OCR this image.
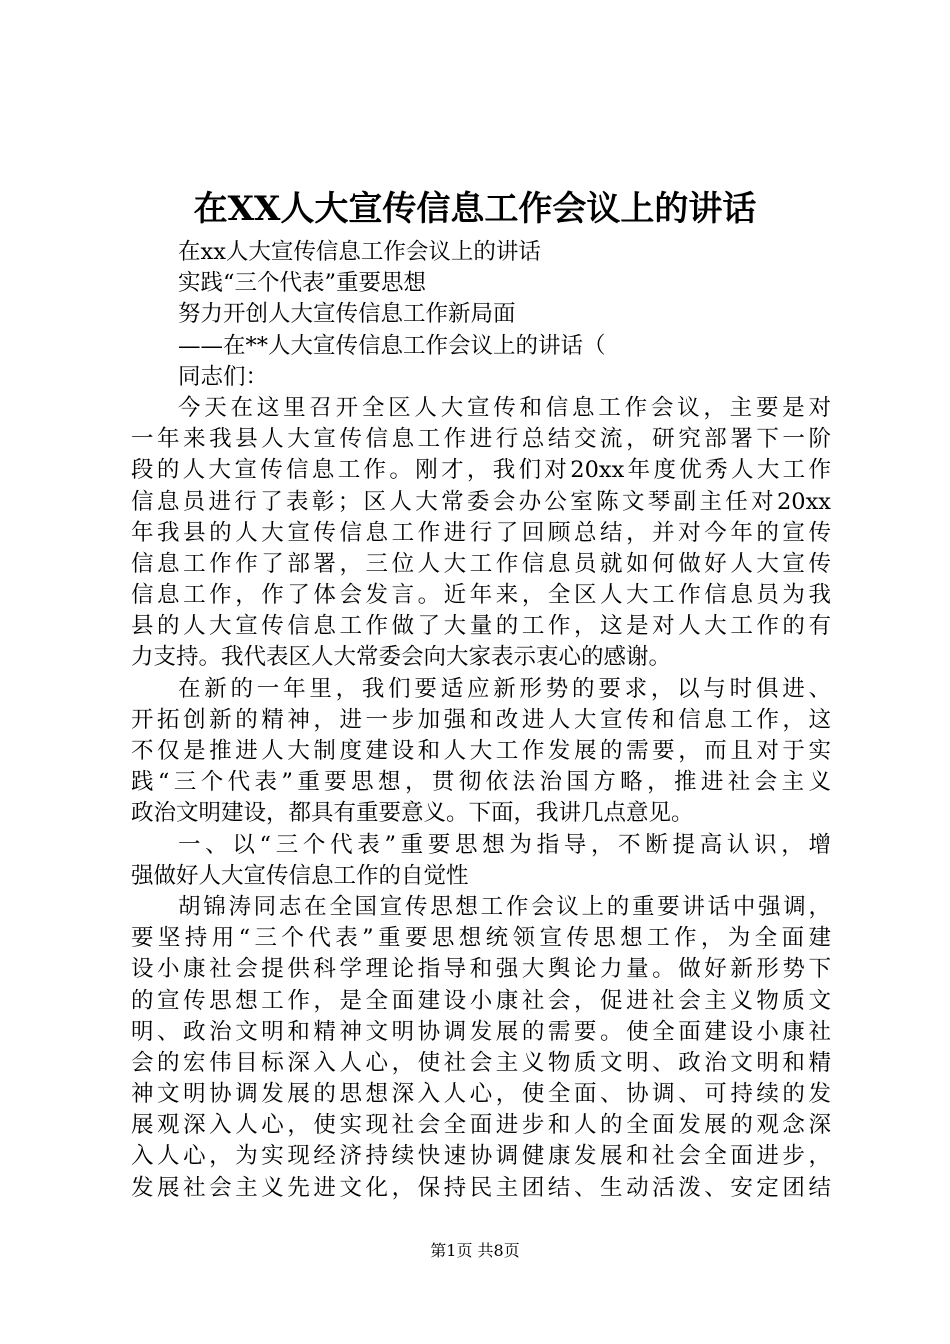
在XX人大宣传信息工作会议上的讲话
在xx人大宣传信息工作会议上的讲话
实践“三个代表”重要思想
努力开创人大宣传信息工作新局面
——在**人大宣传信息工作会议上的讲话（
同志们：
今天在这里召开全区人大宣传和信息工作会议，主要是对
一年来我县人大宣传信息工作进行总结交流，研究部署下一阶
段的人大宣传信息工作。刚才，我们对20xx年度优秀人大工作
信息员进行了表彰；区人大常委会办公室陈文琴副主任对20xx
年我县的人大宣传信息工作进行了回顾总结，并对今年的宣传
信息工作作了部署，三位人大工作信息员就如何做好人大宣传
信息工作，作了体会发言。近年来，全区人大工作信息员为我
县的人大宣传信息工作做了大量的工作，这是对人大工作的有
力支持。我代表区人大常委会向大家表示衷心的感谢。
在新的一年里，我们要适应新形势的要求，以与时俱进、
开拓创新的精神，进一步加强和改进人大宣传和信息工作，这
不仅是推进人大制度建设和人大工作发展的需要，而且对于实
践“三个代表”重要思想，贯彻依法治国方略，推进社会主义
政治文明建设，都具有重要意义。下面，我讲几点意见。
一、以“三个代表”重要思想为指导，不断提高认识，增
强做好人大宣传信息工作的自觉性
胡锦涛同志在全国宣传思想工作会议上的重要讲话中强调，
要坚持用“三个代表”重要思想统领宣传思想工作，为全面建
设小康社会提供科学理论指导和强大舆论力量。做好新形势下
的宣传思想工作，是全面建设小康社会，促进社会主义物质文
明、政治文明和精神文明协调发展的需要。使全面建设小康社
会的宏伟目标深入人心，使社会主义物质文明、政治文明和精
神文明协调发展的思想深入人心，使全面、协调、可持续的发
展观深入人心，使实现社会全面进步和人的全面发展的观念深
入人心，为实现经济持续快速协调健康发展和社会全面进步，
发展社会主义先进文化，保持民主团结、生动活泼、安定团结
第1页 共8页
